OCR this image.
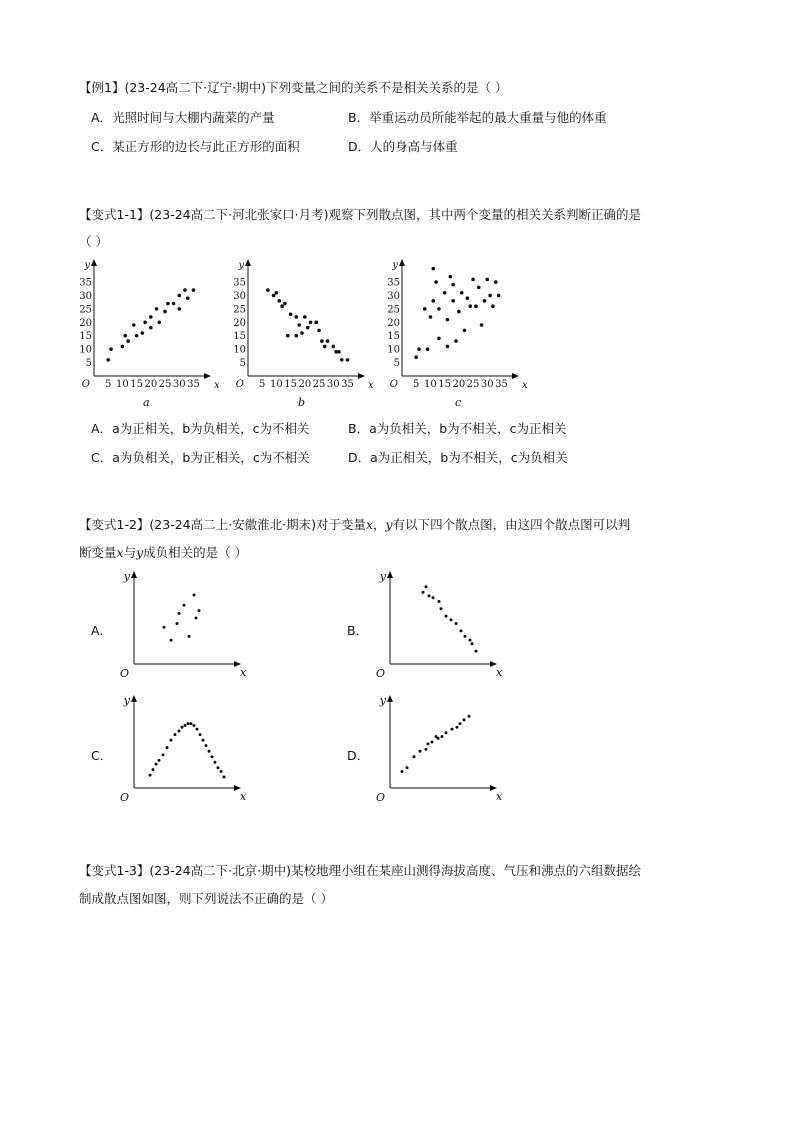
【例1】(23-24高二下·辽宁·期中)下列变量之间的关系不是相关关系的是（ ）
A．光照时间与大棚内蔬菜的产量	B．举重运动员所能举起的最大重量与他的体重
C．某正方形的边长与此正方形的面积	D．人的身高与体重
【变式1-1】(23-24高二下·河北张家口·月考)观察下列散点图，其中两个变量的相关关系判断正确的是
（ ）
y
x
O
5
10
15
20
25
30
35
5 10 15 20 25 30 35
y
x
O
5
10
15
20
25
30
35
5 10 15 20 25 30 35
y
x
O
5
10
15
20
25
30
35
5 10 15 20 25 30 35
a	b	c
A．a为正相关，b为负相关，c为不相关	B．a为负相关，b为不相关，c为正相关
C．a为负相关，b为正相关，c为不相关	D．a为正相关，b为不相关，c为负相关
【变式1-2】(23-24高二上·安徽淮北·期末)对于变量x，y有以下四个散点图，由这四个散点图可以判
断变量x与y成负相关的是（ ）
A．	B．
C．	D．
y
x
O
y
x
O
y
x
O
y
x
O
【变式1-3】(23-24高二下·北京·期中)某校地理小组在某座山测得海拔高度、气压和沸点的六组数据绘
制成散点图如图，则下列说法不正确的是（ ）
